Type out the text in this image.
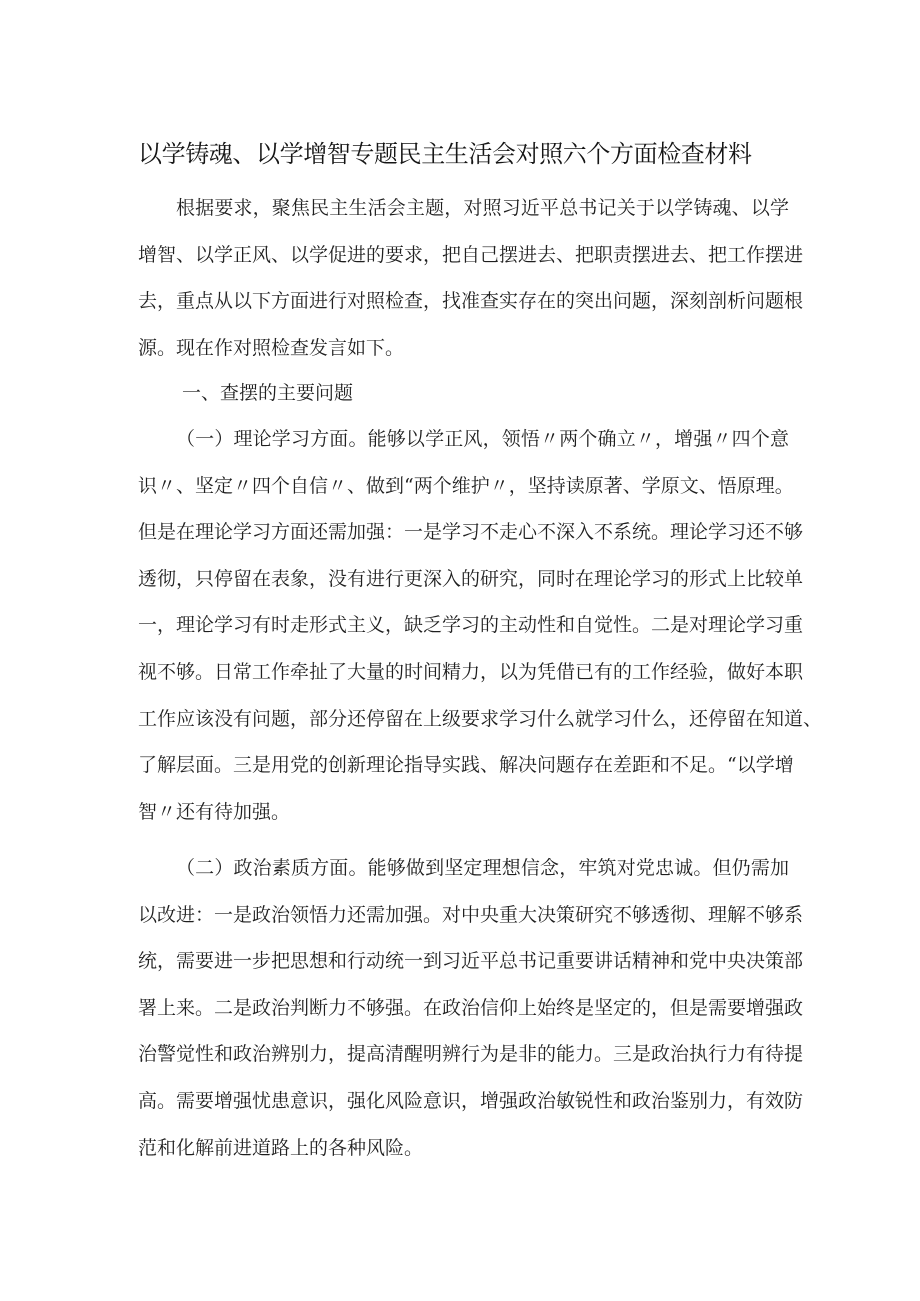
以学铸魂、以学增智专题民主生活会对照六个方面检查材料
根据要求，聚焦民主生活会主题，对照习近平总书记关于以学铸魂、以学
增智、以学正风、以学促进的要求，把自己摆进去、把职责摆进去、把工作摆进
去，重点从以下方面进行对照检查，找准查实存在的突出问题，深刻剖析问题根
源。现在作对照检查发言如下。
一、查摆的主要问题
（一）理论学习方面。能够以学正风，领悟〃两个确立〃，增强〃四个意
识〃、坚定〃四个自信〃、做到“两个维护〃，坚持读原著、学原文、悟原理。
但是在理论学习方面还需加强：一是学习不走心不深入不系统。理论学习还不够
透彻，只停留在表象，没有进行更深入的研究，同时在理论学习的形式上比较单
一，理论学习有时走形式主义，缺乏学习的主动性和自觉性。二是对理论学习重
视不够。日常工作牵扯了大量的时间精力，以为凭借已有的工作经验，做好本职
工作应该没有问题，部分还停留在上级要求学习什么就学习什么，还停留在知道、
了解层面。三是用党的创新理论指导实践、解决问题存在差距和不足。“以学增
智〃还有待加强。
（二）政治素质方面。能够做到坚定理想信念，牢筑对党忠诚。但仍需加
以改进：一是政治领悟力还需加强。对中央重大决策研究不够透彻、理解不够系
统，需要进一步把思想和行动统一到习近平总书记重要讲话精神和党中央决策部
署上来。二是政治判断力不够强。在政治信仰上始终是坚定的，但是需要增强政
治警觉性和政治辨别力，提高清醒明辨行为是非的能力。三是政治执行力有待提
高。需要增强忧患意识，强化风险意识，增强政治敏锐性和政治鉴别力，有效防
范和化解前进道路上的各种风险。
